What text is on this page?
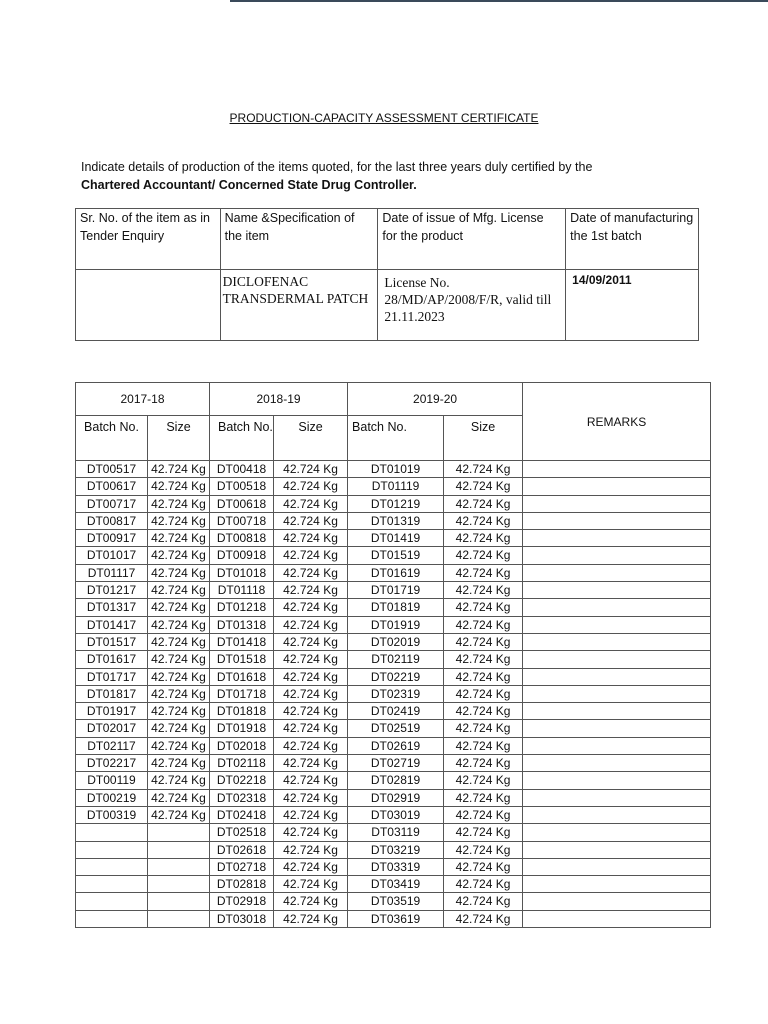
PRODUCTION-CAPACITY ASSESSMENT CERTIFICATE
Indicate details of production of the items quoted, for the last three years duly certified by the
Chartered Accountant/ Concerned State Drug Controller.
Sr. No. of the item as in Tender Enquiry	Name &Specification of the item	Date of issue of Mfg. License for the product	Date of manufacturing the 1st batch

	DICLOFENAC TRANSDERMAL PATCH	License No. 28/MD/AP/2008/F/R, valid till 21.11.2023	14/09/2011
2017-18		2018-19		2019-20		REMARKS
Batch No.	Size	Batch No.	Size	Batch No.	Size	
DT00517	42.724 Kg	DT00418	42.724 Kg	DT01019	42.724 Kg	
DT00617	42.724 Kg	DT00518	42.724 Kg	DT01119	42.724 Kg	
DT00717	42.724 Kg	DT00618	42.724 Kg	DT01219	42.724 Kg	
DT00817	42.724 Kg	DT00718	42.724 Kg	DT01319	42.724 Kg	
DT00917	42.724 Kg	DT00818	42.724 Kg	DT01419	42.724 Kg	
DT01017	42.724 Kg	DT00918	42.724 Kg	DT01519	42.724 Kg	
DT01117	42.724 Kg	DT01018	42.724 Kg	DT01619	42.724 Kg	
DT01217	42.724 Kg	DT01118	42.724 Kg	DT01719	42.724 Kg	
DT01317	42.724 Kg	DT01218	42.724 Kg	DT01819	42.724 Kg	
DT01417	42.724 Kg	DT01318	42.724 Kg	DT01919	42.724 Kg	
DT01517	42.724 Kg	DT01418	42.724 Kg	DT02019	42.724 Kg	
DT01617	42.724 Kg	DT01518	42.724 Kg	DT02119	42.724 Kg	
DT01717	42.724 Kg	DT01618	42.724 Kg	DT02219	42.724 Kg	
DT01817	42.724 Kg	DT01718	42.724 Kg	DT02319	42.724 Kg	
DT01917	42.724 Kg	DT01818	42.724 Kg	DT02419	42.724 Kg	
DT02017	42.724 Kg	DT01918	42.724 Kg	DT02519	42.724 Kg	
DT02117	42.724 Kg	DT02018	42.724 Kg	DT02619	42.724 Kg	
DT02217	42.724 Kg	DT02118	42.724 Kg	DT02719	42.724 Kg	
DT00119	42.724 Kg	DT02218	42.724 Kg	DT02819	42.724 Kg	
DT00219	42.724 Kg	DT02318	42.724 Kg	DT02919	42.724 Kg	
DT00319	42.724 Kg	DT02418	42.724 Kg	DT03019	42.724 Kg	
		DT02518	42.724 Kg	DT03119	42.724 Kg	
		DT02618	42.724 Kg	DT03219	42.724 Kg	
		DT02718	42.724 Kg	DT03319	42.724 Kg	
		DT02818	42.724 Kg	DT03419	42.724 Kg	
		DT02918	42.724 Kg	DT03519	42.724 Kg	
		DT03018	42.724 Kg	DT03619	42.724 Kg	
